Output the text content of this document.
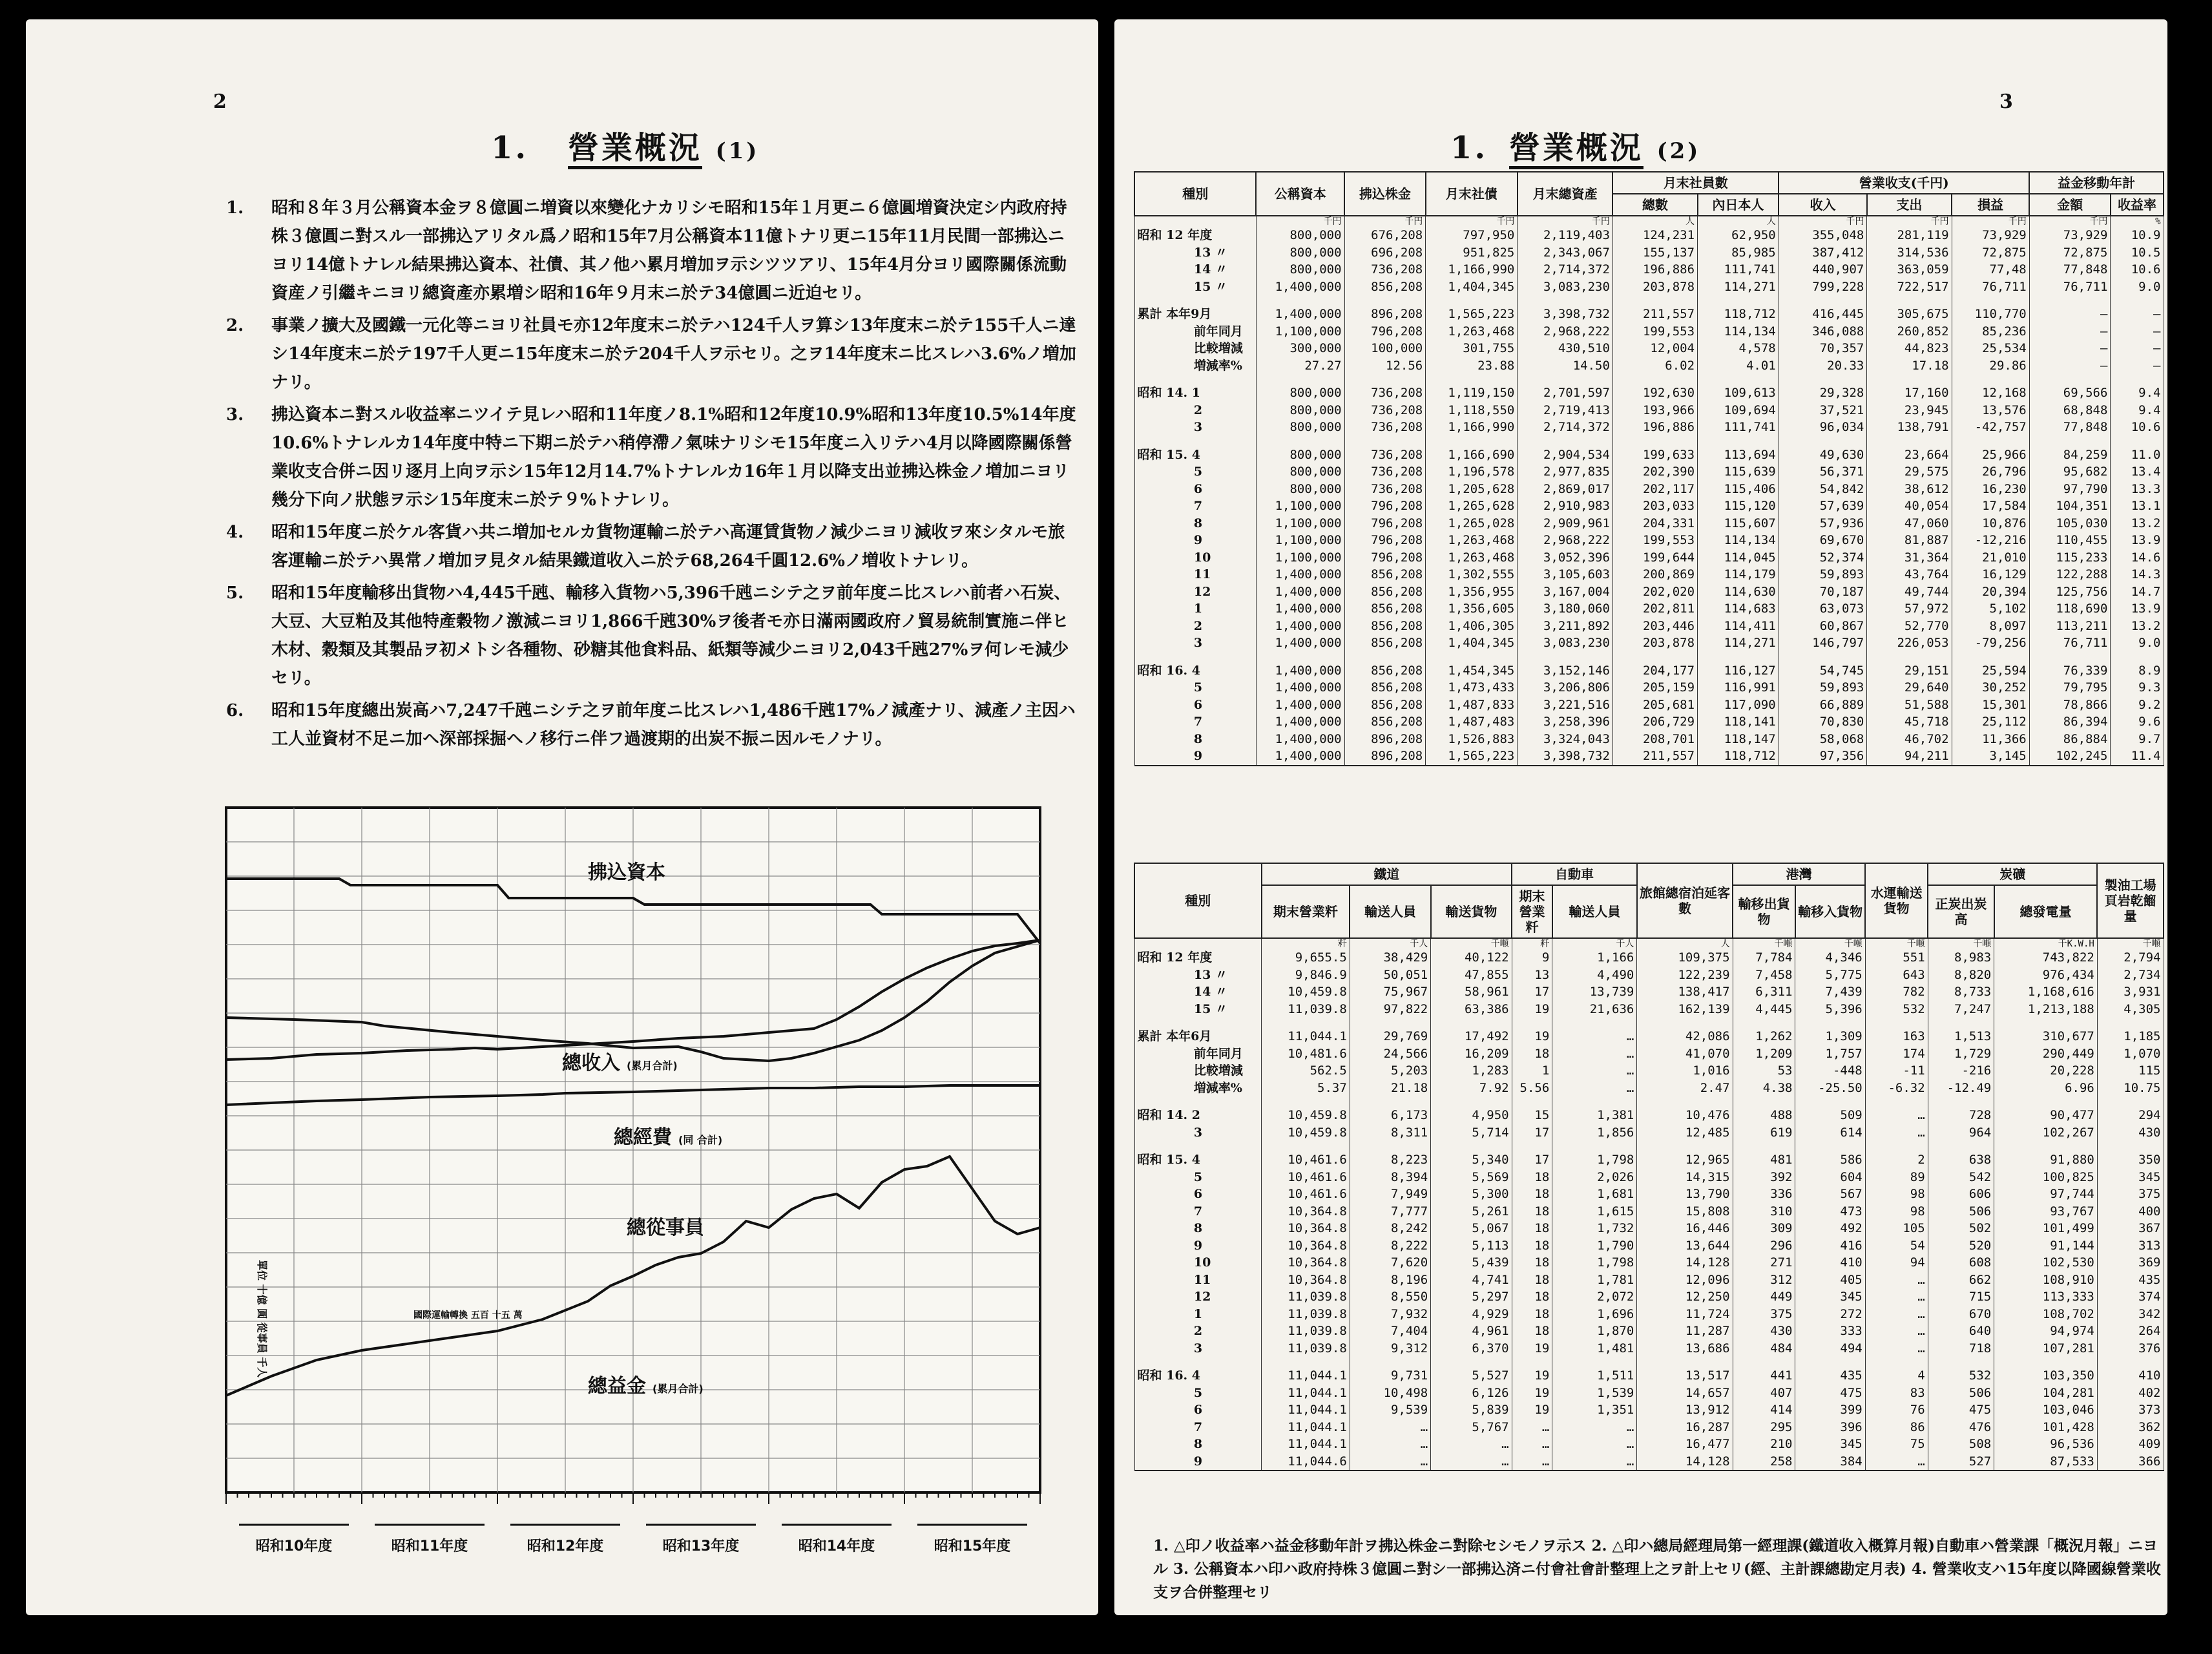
2
1. 營業概況 (1)
1.	昭和８年３月公稱資本金ヲ８億圓ニ増資以來變化ナカリシモ昭和15年１月更ニ６億圓増資決定シ内政府持株３億圓ニ對スル一部拂込アリタル爲ノ昭和15年7月公稱資本11億トナリ更ニ15年11月民間一部拂込ニヨリ14億トナレル結果拂込資本、社債、其ノ他ハ累月増加ヲ示シツツアリ、15年4月分ヨリ國際關係流動資産ノ引繼キニヨリ總資產亦累増シ昭和16年９月末ニ於テ34億圓ニ近迫セリ。
2.	事業ノ擴大及國鐵一元化等ニヨリ社員モ亦12年度末ニ於テハ124千人ヲ算シ13年度末ニ於テ155千人ニ達シ14年度末ニ於テ197千人更ニ15年度末ニ於テ204千人ヲ示セリ。之ヲ14年度末ニ比スレハ3.6%ノ増加ナリ。
3.	拂込資本ニ對スル收益率ニツイテ見レハ昭和11年度ノ8.1%昭和12年度10.9%昭和13年度10.5%14年度10.6%トナレルカ14年度中特ニ下期ニ於テハ稍停滯ノ氣味ナリシモ15年度ニ入リテハ4月以降國際關係營業收支合併ニ因リ逐月上向ヲ示シ15年12月14.7%トナレルカ16年１月以降支出並拂込株金ノ増加ニヨリ幾分下向ノ狀態ヲ示シ15年度末ニ於テ９%トナレリ。
4.	昭和15年度ニ於ケル客貨ハ共ニ増加セルカ貨物運輸ニ於テハ高運賃貨物ノ減少ニヨリ減收ヲ來シタルモ旅客運輸ニ於テハ異常ノ増加ヲ見タル結果鐵道收入ニ於テ68,264千圓12.6%ノ増收トナレリ。
5.	昭和15年度輸移出貨物ハ4,445千瓲、輸移入貨物ハ5,396千瓲ニシテ之ヲ前年度ニ比スレハ前者ハ石炭、大豆、大豆粕及其他特產穀物ノ激減ニヨリ1,866千瓲30%ヲ後者モ亦日滿兩國政府ノ貿易統制實施ニ伴ヒ木材、穀類及其製品ヲ初メトシ各種物、砂糖其他食料品、紙類等減少ニヨリ2,043千瓲27%ヲ何レモ減少セリ。
6.	昭和15年度總出炭高ハ7,247千瓲ニシテ之ヲ前年度ニ比スレハ1,486千瓲17%ノ減產ナリ、減產ノ主因ハ工人並資材不足ニ加ヘ深部採掘ヘノ移行ニ伴フ過渡期的出炭不振ニ因ルモノナリ。
拂込資本
總收入 (累月合計)
總經費 (同 合計)
總從事員
總益金 (累月合計)
國際運輸轉換 五百 十五 萬
單位 十億 圓 從事員 千人
昭和10年度	昭和11年度	昭和12年度	昭和13年度	昭和14年度	昭和15年度
3
1. 營業概況 (2)
種別	公稱資本	拂込株金	月末社債	月末總資產	月末社員數		營業收支(千円)			益金移動年計	
					總數	內日本人	收入	支出	損益	金額	收益率
	千円	千円	千円	千円	人	人	千円	千円	千円	千円	%
昭和 12 年度	800,000	676,208	797,950	2,119,403	124,231	62,950	355,048	281,119	73,929	73,929	10.9
13 〃	800,000	696,208	951,825	2,343,067	155,137	85,985	387,412	314,536	72,875	72,875	10.5
14 〃	800,000	736,208	1,166,990	2,714,372	196,886	111,741	440,907	363,059	77,48	77,848	10.6
15 〃	1,400,000	856,208	1,404,345	3,083,230	203,878	114,271	799,228	722,517	76,711	76,711	9.0

累計 本年9月	1,400,000	896,208	1,565,223	3,398,732	211,557	118,712	416,445	305,675	110,770	—	—
前年同月	1,100,000	796,208	1,263,468	2,968,222	199,553	114,134	346,088	260,852	85,236	—	—
比較増減	300,000	100,000	301,755	430,510	12,004	4,578	70,357	44,823	25,534	—	—
増減率%	27.27	12.56	23.88	14.50	6.02	4.01	20.33	17.18	29.86	—	—

昭和 14. 1	800,000	736,208	1,119,150	2,701,597	192,630	109,613	29,328	17,160	12,168	69,566	9.4
2	800,000	736,208	1,118,550	2,719,413	193,966	109,694	37,521	23,945	13,576	68,848	9.4
3	800,000	736,208	1,166,990	2,714,372	196,886	111,741	96,034	138,791	-42,757	77,848	10.6

昭和 15. 4	800,000	736,208	1,166,690	2,904,534	199,633	113,694	49,630	23,664	25,966	84,259	11.0
5	800,000	736,208	1,196,578	2,977,835	202,390	115,639	56,371	29,575	26,796	95,682	13.4
6	800,000	736,208	1,205,628	2,869,017	202,117	115,406	54,842	38,612	16,230	97,790	13.3
7	1,100,000	796,208	1,265,628	2,910,983	203,033	115,120	57,639	40,054	17,584	104,351	13.1
8	1,100,000	796,208	1,265,028	2,909,961	204,331	115,607	57,936	47,060	10,876	105,030	13.2
9	1,100,000	796,208	1,263,468	2,968,222	199,553	114,134	69,670	81,887	-12,216	110,455	13.9
10	1,100,000	796,208	1,263,468	3,052,396	199,644	114,045	52,374	31,364	21,010	115,233	14.6
11	1,400,000	856,208	1,302,555	3,105,603	200,869	114,179	59,893	43,764	16,129	122,288	14.3
12	1,400,000	856,208	1,356,955	3,167,004	202,020	114,630	70,187	49,744	20,394	125,756	14.7
1	1,400,000	856,208	1,356,605	3,180,060	202,811	114,683	63,073	57,972	5,102	118,690	13.9
2	1,400,000	856,208	1,406,305	3,211,892	203,446	114,411	60,867	52,770	8,097	113,211	13.2
3	1,400,000	856,208	1,404,345	3,083,230	203,878	114,271	146,797	226,053	-79,256	76,711	9.0

昭和 16. 4	1,400,000	856,208	1,454,345	3,152,146	204,177	116,127	54,745	29,151	25,594	76,339	8.9
5	1,400,000	856,208	1,473,433	3,206,806	205,159	116,991	59,893	29,640	30,252	79,795	9.3
6	1,400,000	856,208	1,487,833	3,221,516	205,681	117,090	66,889	51,588	15,301	78,866	9.2
7	1,400,000	856,208	1,487,483	3,258,396	206,729	118,141	70,830	45,718	25,112	86,394	9.6
8	1,400,000	896,208	1,526,883	3,324,043	208,701	118,147	58,068	46,702	11,366	86,884	9.7
9	1,400,000	896,208	1,565,223	3,398,732	211,557	118,712	97,356	94,211	3,145	102,245	11.4
種別	鐵道			自動車		旅館總宿泊延客數	港灣		水運輸送貨物	炭礦		製油工場頁岩乾餾量
	期末營業粁	輸送人員	輸送貨物	期末營業粁	輸送人員		輸移出貨物	輸移入貨物		正炭出炭高	總發電量	
	粁	千人	千噸	粁	千人	人	千噸	千噸	千噸	千噸	千K.W.H	千噸
昭和 12 年度	9,655.5	38,429	40,122	9	1,166	109,375	7,784	4,346	551	8,983	743,822	2,794
13 〃	9,846.9	50,051	47,855	13	4,490	122,239	7,458	5,775	643	8,820	976,434	2,734
14 〃	10,459.8	75,967	58,961	17	13,739	138,417	6,311	7,439	782	8,733	1,168,616	3,931
15 〃	11,039.8	97,822	63,386	19	21,636	162,139	4,445	5,396	532	7,247	1,213,188	4,305

累計 本年6月	11,044.1	29,769	17,492	19	…	42,086	1,262	1,309	163	1,513	310,677	1,185
前年同月	10,481.6	24,566	16,209	18	…	41,070	1,209	1,757	174	1,729	290,449	1,070
比較増減	562.5	5,203	1,283	1	…	1,016	53	-448	-11	-216	20,228	115
増減率%	5.37	21.18	7.92	5.56	…	2.47	4.38	-25.50	-6.32	-12.49	6.96	10.75

昭和 14. 2	10,459.8	6,173	4,950	15	1,381	10,476	488	509	…	728	90,477	294
3	10,459.8	8,311	5,714	17	1,856	12,485	619	614	…	964	102,267	430

昭和 15. 4	10,461.6	8,223	5,340	17	1,798	12,965	481	586	2	638	91,880	350
5	10,461.6	8,394	5,569	18	2,026	14,315	392	604	89	542	100,825	345
6	10,461.6	7,949	5,300	18	1,681	13,790	336	567	98	606	97,744	375
7	10,364.8	7,777	5,261	18	1,615	15,808	310	473	98	506	93,767	400
8	10,364.8	8,242	5,067	18	1,732	16,446	309	492	105	502	101,499	367
9	10,364.8	8,222	5,113	18	1,790	13,644	296	416	54	520	91,144	313
10	10,364.8	7,620	5,439	18	1,798	14,128	271	410	94	608	102,530	369
11	10,364.8	8,196	4,741	18	1,781	12,096	312	405	…	662	108,910	435
12	11,039.8	8,550	5,297	18	2,072	12,250	449	345	…	715	113,333	374
1	11,039.8	7,932	4,929	18	1,696	11,724	375	272	…	670	108,702	342
2	11,039.8	7,404	4,961	18	1,870	11,287	430	333	…	640	94,974	264
3	11,039.8	9,312	6,370	19	1,481	13,686	484	494	…	718	107,281	376

昭和 16. 4	11,044.1	9,731	5,527	19	1,511	13,517	441	435	4	532	103,350	410
5	11,044.1	10,498	6,126	19	1,539	14,657	407	475	83	506	104,281	402
6	11,044.1	9,539	5,839	19	1,351	13,912	414	399	76	475	103,046	373
7	11,044.1	…	5,767	…	…	16,287	295	396	86	476	101,428	362
8	11,044.1	…	…	…	…	16,477	210	345	75	508	96,536	409
9	11,044.6	…	…	…	…	14,128	258	384	…	527	87,533	366
1. △印ノ收益率ハ益金移動年計ヲ拂込株金ニ對除セシモノヲ示ス 2. △印ハ總局經理局第一經理課(鐵道收入概算月報)自動車ハ營業課「概況月報」ニヨル 3. 公稱資本ハ印ハ政府持株３億圓ニ對シ一部拂込済ニ付會社會計整理上之ヲ計上セリ(經、主計課總勘定月表) 4. 營業收支ハ15年度以降國線營業收支ヲ合併整理セリ
